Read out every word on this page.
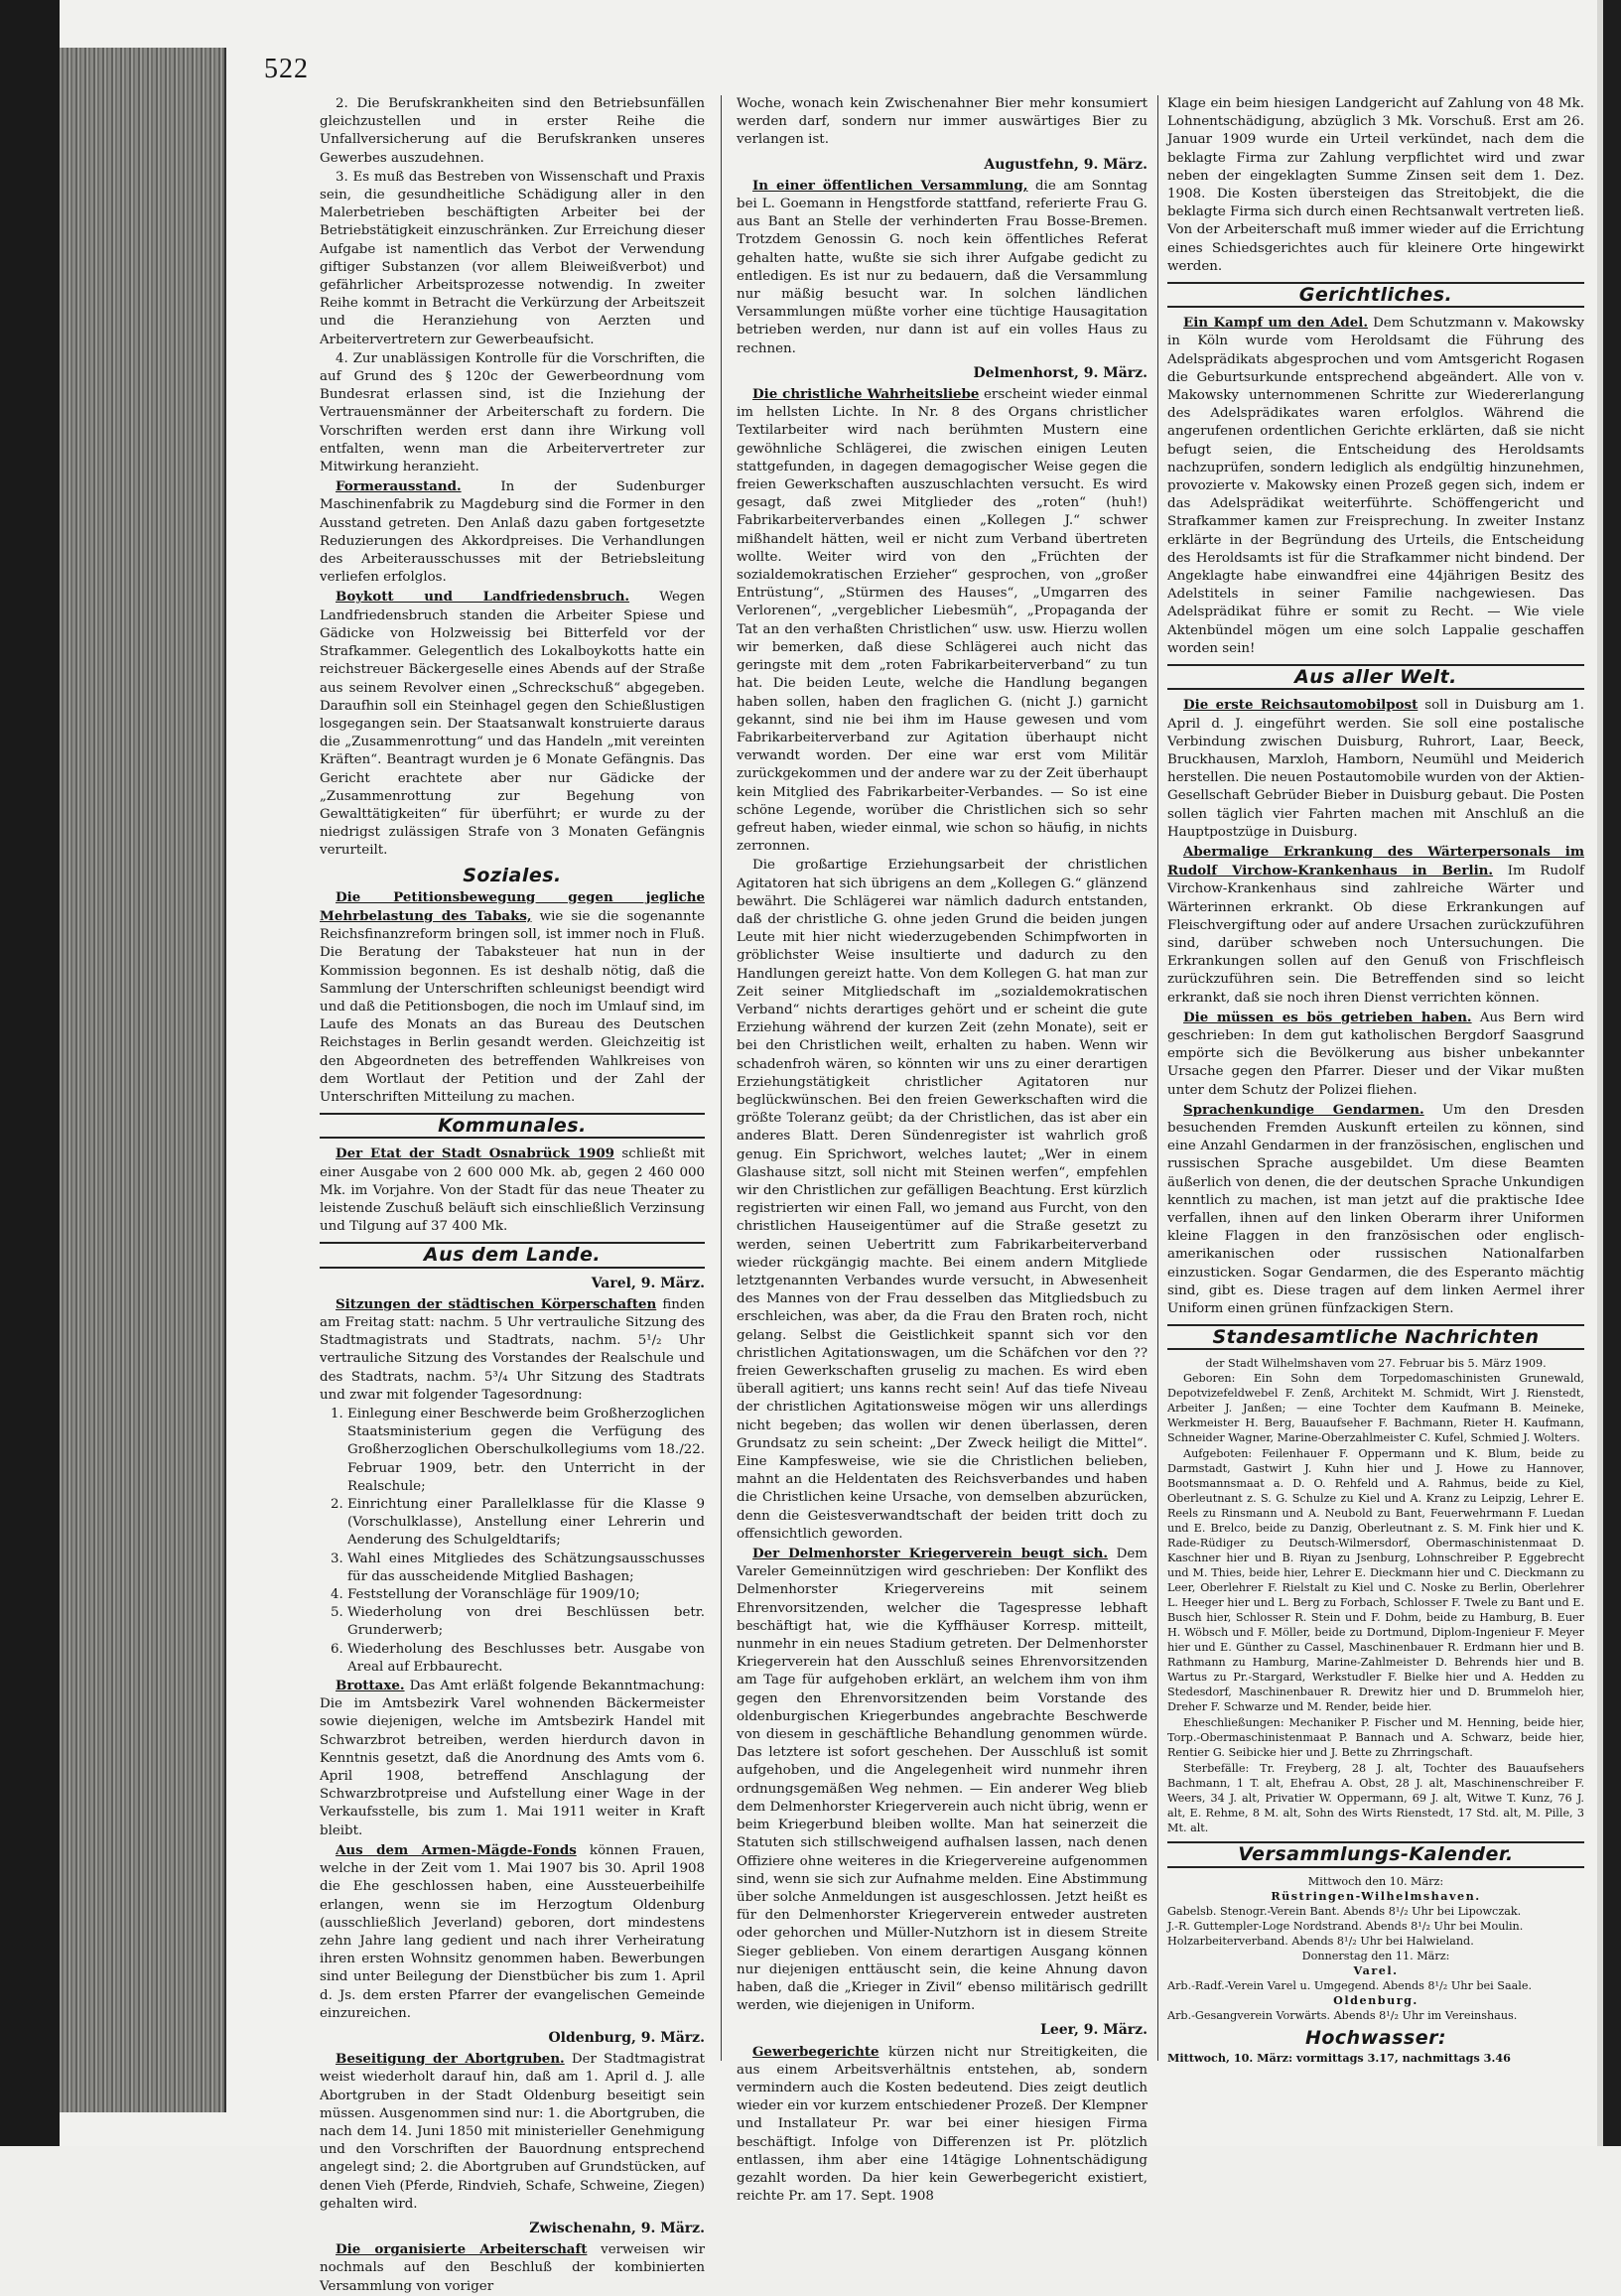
522

2. Die Berufskrankheiten sind den Betriebsunfällen gleichzustellen und in erster Reihe die Unfallversicherung auf die Berufskranken unseres Gewerbes auszudehnen.

3. Es muß das Bestreben von Wissenschaft und Praxis sein, die gesundheitliche Schädigung aller in den Malerbetrieben beschäftigten Arbeiter bei der Betriebstätigkeit einzuschränken. Zur Erreichung dieser Aufgabe ist namentlich das Verbot der Verwendung giftiger Substanzen (vor allem Bleiweißverbot) und gefährlicher Arbeitsprozesse notwendig. In zweiter Reihe kommt in Betracht die Verkürzung der Arbeitszeit und die Heranziehung von Aerzten und Arbeitervertretern zur Gewerbeaufsicht.

4. Zur unablässigen Kontrolle für die Vorschriften, die auf Grund des § 120c der Gewerbeordnung vom Bundesrat erlassen sind, ist die Inziehung der Vertrauensmänner der Arbeiterschaft zu fordern. Die Vorschriften werden erst dann ihre Wirkung voll entfalten, wenn man die Arbeitervertreter zur Mitwirkung heranzieht.

Formerausstand. In der Sudenburger Maschinenfabrik zu Magdeburg sind die Former in den Ausstand getreten. Den Anlaß dazu gaben fortgesetzte Reduzierungen des Akkordpreises. Die Verhandlungen des Arbeiterausschusses mit der Betriebsleitung verliefen erfolglos.

Boykott und Landfriedensbruch. Wegen Landfriedensbruch standen die Arbeiter Spiese und Gädicke von Holzweissig bei Bitterfeld vor der Strafkammer. Gelegentlich des Lokalboykotts hatte ein reichstreuer Bäckergeselle eines Abends auf der Straße aus seinem Revolver einen „Schreckschuß“ abgegeben. Daraufhin soll ein Steinhagel gegen den Schießlustigen losgegangen sein. Der Staatsanwalt konstruierte daraus die „Zusammenrottung“ und das Handeln „mit vereinten Kräften“. Beantragt wurden je 6 Monate Gefängnis. Das Gericht erachtete aber nur Gädicke der „Zusammenrottung zur Begehung von Gewalttätigkeiten“ für überführt; er wurde zu der niedrigst zulässigen Strafe von 3 Monaten Gefängnis verurteilt.

Soziales.

Die Petitionsbewegung gegen jegliche Mehrbelastung des Tabaks, wie sie die sogenannte Reichsfinanzreform bringen soll, ist immer noch in Fluß. Die Beratung der Tabaksteuer hat nun in der Kommission begonnen. Es ist deshalb nötig, daß die Sammlung der Unterschriften schleunigst beendigt wird und daß die Petitionsbogen, die noch im Umlauf sind, im Laufe des Monats an das Bureau des Deutschen Reichstages in Berlin gesandt werden. Gleichzeitig ist den Abgeordneten des betreffenden Wahlkreises von dem Wortlaut der Petition und der Zahl der Unterschriften Mitteilung zu machen.

Kommunales.

Der Etat der Stadt Osnabrück 1909 schließt mit einer Ausgabe von 2 600 000 Mk. ab, gegen 2 460 000 Mk. im Vorjahre. Von der Stadt für das neue Theater zu leistende Zuschuß beläuft sich einschließlich Verzinsung und Tilgung auf 37 400 Mk.

Aus dem Lande.
Varel, 9. März.

Sitzungen der städtischen Körperschaften finden am Freitag statt: nachm. 5 Uhr vertrauliche Sitzung des Stadtmagistrats und Stadtrats, nachm. 5¹/₂ Uhr vertrauliche Sitzung des Vorstandes der Realschule und des Stadtrats, nachm. 5³/₄ Uhr Sitzung des Stadtrats und zwar mit folgender Tagesordnung:

1. Einlegung einer Beschwerde beim Großherzoglichen Staatsministerium gegen die Verfügung des Großherzoglichen Oberschulkollegiums vom 18./22. Februar 1909, betr. den Unterricht in der Realschule;
2. Einrichtung einer Parallelklasse für die Klasse 9 (Vorschulklasse), Anstellung einer Lehrerin und Aenderung des Schulgeldtarifs;
3. Wahl eines Mitgliedes des Schätzungsausschusses für das ausscheidende Mitglied Bashagen;
4. Feststellung der Voranschläge für 1909/10;
5. Wiederholung von drei Beschlüssen betr. Grunderwerb;
6. Wiederholung des Beschlusses betr. Ausgabe von Areal auf Erbbaurecht.

Brottaxe. Das Amt erläßt folgende Bekanntmachung: Die im Amtsbezirk Varel wohnenden Bäckermeister sowie diejenigen, welche im Amtsbezirk Handel mit Schwarzbrot betreiben, werden hierdurch davon in Kenntnis gesetzt, daß die Anordnung des Amts vom 6. April 1908, betreffend Anschlagung der Schwarzbrotpreise und Aufstellung einer Wage in der Verkaufsstelle, bis zum 1. Mai 1911 weiter in Kraft bleibt.

Aus dem Armen-Mägde-Fonds können Frauen, welche in der Zeit vom 1. Mai 1907 bis 30. April 1908 die Ehe geschlossen haben, eine Aussteuerbeihilfe erlangen, wenn sie im Herzogtum Oldenburg (ausschließlich Jeverland) geboren, dort mindestens zehn Jahre lang gedient und nach ihrer Verheiratung ihren ersten Wohnsitz genommen haben. Bewerbungen sind unter Beilegung der Dienstbücher bis zum 1. April d. Js. dem ersten Pfarrer der evangelischen Gemeinde einzureichen.

Oldenburg, 9. März.

Beseitigung der Abortgruben. Der Stadtmagistrat weist wiederholt darauf hin, daß am 1. April d. J. alle Abortgruben in der Stadt Oldenburg beseitigt sein müssen. Ausgenommen sind nur: 1. die Abortgruben, die nach dem 14. Juni 1850 mit ministerieller Genehmigung und den Vorschriften der Bauordnung entsprechend angelegt sind; 2. die Abortgruben auf Grundstücken, auf denen Vieh (Pferde, Rindvieh, Schafe, Schweine, Ziegen) gehalten wird.

Zwischenahn, 9. März.

Die organisierte Arbeiterschaft verweisen wir nochmals auf den Beschluß der kombinierten Versammlung von voriger

Woche, wonach kein Zwischenahner Bier mehr konsumiert werden darf, sondern nur immer auswärtiges Bier zu verlangen ist.

Augustfehn, 9. März.

In einer öffentlichen Versammlung, die am Sonntag bei L. Goemann in Hengstforde stattfand, referierte Frau G. aus Bant an Stelle der verhinderten Frau Bosse-Bremen. Trotzdem Genossin G. noch kein öffentliches Referat gehalten hatte, wußte sie sich ihrer Aufgabe gedicht zu entledigen. Es ist nur zu bedauern, daß die Versammlung nur mäßig besucht war. In solchen ländlichen Versammlungen müßte vorher eine tüchtige Hausagitation betrieben werden, nur dann ist auf ein volles Haus zu rechnen.

Delmenhorst, 9. März.

Die christliche Wahrheitsliebe erscheint wieder einmal im hellsten Lichte. In Nr. 8 des Organs christlicher Textilarbeiter wird nach berühmten Mustern eine gewöhnliche Schlägerei, die zwischen einigen Leuten stattgefunden, in dagegen demagogischer Weise gegen die freien Gewerkschaften auszuschlachten versucht. Es wird gesagt, daß zwei Mitglieder des „roten“ (huh!) Fabrikarbeiterverbandes einen „Kollegen J.“ schwer mißhandelt hätten, weil er nicht zum Verband übertreten wollte. Weiter wird von den „Früchten der sozialdemokratischen Erzieher“ gesprochen, von „großer Entrüstung“, „Stürmen des Hauses“, „Umgarren des Verlorenen“, „vergeblicher Liebesmüh“, „Propaganda der Tat an den verhaßten Christlichen“ usw. usw. Hierzu wollen wir bemerken, daß diese Schlägerei auch nicht das geringste mit dem „roten Fabrikarbeiterverband“ zu tun hat. Die beiden Leute, welche die Handlung begangen haben sollen, haben den fraglichen G. (nicht J.) garnicht gekannt, sind nie bei ihm im Hause gewesen und vom Fabrikarbeiterverband zur Agitation überhaupt nicht verwandt worden. Der eine war erst vom Militär zurückgekommen und der andere war zu der Zeit überhaupt kein Mitglied des Fabrikarbeiter-Verbandes. — So ist eine schöne Legende, worüber die Christlichen sich so sehr gefreut haben, wieder einmal, wie schon so häufig, in nichts zerronnen.

Die großartige Erziehungsarbeit der christlichen Agitatoren hat sich übrigens an dem „Kollegen G.“ glänzend bewährt. Die Schlägerei war nämlich dadurch entstanden, daß der christliche G. ohne jeden Grund die beiden jungen Leute mit hier nicht wiederzugebenden Schimpfworten in gröblichster Weise insultierte und dadurch zu den Handlungen gereizt hatte. Von dem Kollegen G. hat man zur Zeit seiner Mitgliedschaft im „sozialdemokratischen Verband“ nichts derartiges gehört und er scheint die gute Erziehung während der kurzen Zeit (zehn Monate), seit er bei den Christlichen weilt, erhalten zu haben. Wenn wir schadenfroh wären, so könnten wir uns zu einer derartigen Erziehungstätigkeit christlicher Agitatoren nur beglückwünschen. Bei den freien Gewerkschaften wird die größte Toleranz geübt; da der Christlichen, das ist aber ein anderes Blatt. Deren Sündenregister ist wahrlich groß genug. Ein Sprichwort, welches lautet; „Wer in einem Glashause sitzt, soll nicht mit Steinen werfen“, empfehlen wir den Christlichen zur gefälligen Beachtung. Erst kürzlich registrierten wir einen Fall, wo jemand aus Furcht, von den christlichen Hauseigentümer auf die Straße gesetzt zu werden, seinen Uebertritt zum Fabrikarbeiterverband wieder rückgängig machte. Bei einem andern Mitgliede letztgenannten Verbandes wurde versucht, in Abwesenheit des Mannes von der Frau desselben das Mitgliedsbuch zu erschleichen, was aber, da die Frau den Braten roch, nicht gelang. Selbst die Geistlichkeit spannt sich vor den christlichen Agitationswagen, um die Schäfchen vor den ??freien Gewerkschaften gruselig zu machen. Es wird eben überall agitiert; uns kanns recht sein! Auf das tiefe Niveau der christlichen Agitationsweise mögen wir uns allerdings nicht begeben; das wollen wir denen überlassen, deren Grundsatz zu sein scheint: „Der Zweck heiligt die Mittel“. Eine Kampfesweise, wie sie die Christlichen belieben, mahnt an die Heldentaten des Reichsverbandes und haben die Christlichen keine Ursache, von demselben abzurücken, denn die Geistesverwandtschaft der beiden tritt doch zu offensichtlich geworden.

Der Delmenhorster Kriegerverein beugt sich. Dem Vareler Gemeinnützigen wird geschrieben: Der Konflikt des Delmenhorster Kriegervereins mit seinem Ehrenvorsitzenden, welcher die Tagespresse lebhaft beschäftigt hat, wie die Kyffhäuser Korresp. mitteilt, nunmehr in ein neues Stadium getreten. Der Delmenhorster Kriegerverein hat den Ausschluß seines Ehrenvorsitzenden am Tage für aufgehoben erklärt, an welchem ihm von ihm gegen den Ehrenvorsitzenden beim Vorstande des oldenburgischen Kriegerbundes angebrachte Beschwerde von diesem in geschäftliche Behandlung genommen würde. Das letztere ist sofort geschehen. Der Ausschluß ist somit aufgehoben, und die Angelegenheit wird nunmehr ihren ordnungsgemäßen Weg nehmen. — Ein anderer Weg blieb dem Delmenhorster Kriegerverein auch nicht übrig, wenn er beim Kriegerbund bleiben wollte. Man hat seinerzeit die Statuten sich stillschweigend aufhalsen lassen, nach denen Offiziere ohne weiteres in die Kriegervereine aufgenommen sind, wenn sie sich zur Aufnahme melden. Eine Abstimmung über solche Anmeldungen ist ausgeschlossen. Jetzt heißt es für den Delmenhorster Kriegerverein entweder austreten oder gehorchen und Müller-Nutzhorn ist in diesem Streite Sieger geblieben. Von einem derartigen Ausgang können nur diejenigen enttäuscht sein, die keine Ahnung davon haben, daß die „Krieger in Zivil“ ebenso militärisch gedrillt werden, wie diejenigen in Uniform.

Leer, 9. März.

Gewerbegerichte kürzen nicht nur Streitigkeiten, die aus einem Arbeitsverhältnis entstehen, ab, sondern vermindern auch die Kosten bedeutend. Dies zeigt deutlich wieder ein vor kurzem entschiedener Prozeß. Der Klempner und Installateur Pr. war bei einer hiesigen Firma beschäftigt. Infolge von Differenzen ist Pr. plötzlich entlassen, ihm aber eine 14tägige Lohnentschädigung gezahlt worden. Da hier kein Gewerbegericht existiert, reichte Pr. am 17. Sept. 1908

Klage ein beim hiesigen Landgericht auf Zahlung von 48 Mk. Lohnentschädigung, abzüglich 3 Mk. Vorschuß. Erst am 26. Januar 1909 wurde ein Urteil verkündet, nach dem die beklagte Firma zur Zahlung verpflichtet wird und zwar neben der eingeklagten Summe Zinsen seit dem 1. Dez. 1908. Die Kosten übersteigen das Streitobjekt, die die beklagte Firma sich durch einen Rechtsanwalt vertreten ließ. Von der Arbeiterschaft muß immer wieder auf die Errichtung eines Schiedsgerichtes auch für kleinere Orte hingewirkt werden.

Gerichtliches.

Ein Kampf um den Adel. Dem Schutzmann v. Makowsky in Köln wurde vom Heroldsamt die Führung des Adelsprädikats abgesprochen und vom Amtsgericht Rogasen die Geburtsurkunde entsprechend abgeändert. Alle von v. Makowsky unternommenen Schritte zur Wiedererlangung des Adelsprädikates waren erfolglos. Während die angerufenen ordentlichen Gerichte erklärten, daß sie nicht befugt seien, die Entscheidung des Heroldsamts nachzuprüfen, sondern lediglich als endgültig hinzunehmen, provozierte v. Makowsky einen Prozeß gegen sich, indem er das Adelsprädikat weiterführte. Schöffengericht und Strafkammer kamen zur Freisprechung. In zweiter Instanz erklärte in der Begründung des Urteils, die Entscheidung des Heroldsamts ist für die Strafkammer nicht bindend. Der Angeklagte habe einwandfrei eine 44jährigen Besitz des Adelstitels in seiner Familie nachgewiesen. Das Adelsprädikat führe er somit zu Recht. — Wie viele Aktenbündel mögen um eine solch Lappalie geschaffen worden sein!

Aus aller Welt.

Die erste Reichsautomobilpost soll in Duisburg am 1. April d. J. eingeführt werden. Sie soll eine postalische Verbindung zwischen Duisburg, Ruhrort, Laar, Beeck, Bruckhausen, Marxloh, Hamborn, Neumühl und Meiderich herstellen. Die neuen Postautomobile wurden von der Aktien-Gesellschaft Gebrüder Bieber in Duisburg gebaut. Die Posten sollen täglich vier Fahrten machen mit Anschluß an die Hauptpostzüge in Duisburg.

Abermalige Erkrankung des Wärterpersonals im Rudolf Virchow-Krankenhaus in Berlin. Im Rudolf Virchow-Krankenhaus sind zahlreiche Wärter und Wärterinnen erkrankt. Ob diese Erkrankungen auf Fleischvergiftung oder auf andere Ursachen zurückzuführen sind, darüber schweben noch Untersuchungen. Die Erkrankungen sollen auf den Genuß von Frischfleisch zurückzuführen sein. Die Betreffenden sind so leicht erkrankt, daß sie noch ihren Dienst verrichten können.

Die müssen es bös getrieben haben. Aus Bern wird geschrieben: In dem gut katholischen Bergdorf Saasgrund empörte sich die Bevölkerung aus bisher unbekannter Ursache gegen den Pfarrer. Dieser und der Vikar mußten unter dem Schutz der Polizei fliehen.

Sprachenkundige Gendarmen. Um den Dresden besuchenden Fremden Auskunft erteilen zu können, sind eine Anzahl Gendarmen in der französischen, englischen und russischen Sprache ausgebildet. Um diese Beamten äußerlich von denen, die der deutschen Sprache Unkundigen kenntlich zu machen, ist man jetzt auf die praktische Idee verfallen, ihnen auf den linken Oberarm ihrer Uniformen kleine Flaggen in den französischen oder englisch-amerikanischen oder russischen Nationalfarben einzusticken. Sogar Gendarmen, die des Esperanto mächtig sind, gibt es. Diese tragen auf dem linken Aermel ihrer Uniform einen grünen fünfzackigen Stern.

Standesamtliche Nachrichten
der Stadt Wilhelmshaven vom 27. Februar bis 5. März 1909.

Geboren: Ein Sohn dem Torpedomaschinisten Grunewald, Depotvizefeldwebel F. Zenß, Architekt M. Schmidt, Wirt J. Rienstedt, Arbeiter J. Janßen; — eine Tochter dem Kaufmann B. Meineke, Werkmeister H. Berg, Bauaufseher F. Bachmann, Rieter H. Kaufmann, Schneider Wagner, Marine-Oberzahlmeister C. Kufel, Schmied J. Wolters.

Aufgeboten: Feilenhauer F. Oppermann und K. Blum, beide zu Darmstadt, Gastwirt J. Kuhn hier und J. Howe zu Hannover, Bootsmannsmaat a. D. O. Rehfeld und A. Rahmus, beide zu Kiel, Oberleutnant z. S. G. Schulze zu Kiel und A. Kranz zu Leipzig, Lehrer E. Reels zu Rinsmann und A. Neubold zu Bant, Feuerwehrmann F. Luedan und E. Brelco, beide zu Danzig, Oberleutnant z. S. M. Fink hier und K. Rade-Rüdiger zu Deutsch-Wilmersdorf, Obermaschinistenmaat D. Kaschner hier und B. Riyan zu Jsenburg, Lohnschreiber P. Eggebrecht und M. Thies, beide hier, Lehrer E. Dieckmann hier und C. Dieckmann zu Leer, Oberlehrer F. Rielstalt zu Kiel und C. Noske zu Berlin, Oberlehrer L. Heeger hier und L. Berg zu Forbach, Schlosser F. Twele zu Bant und E. Busch hier, Schlosser R. Stein und F. Dohm, beide zu Hamburg, B. Euer H. Wöbsch und F. Möller, beide zu Dortmund, Diplom-Ingenieur F. Meyer hier und E. Günther zu Cassel, Maschinenbauer R. Erdmann hier und B. Rathmann zu Hamburg, Marine-Zahlmeister D. Behrends hier und B. Wartus zu Pr.-Stargard, Werkstudler F. Bielke hier und A. Hedden zu Stedesdorf, Maschinenbauer R. Drewitz hier und D. Brummeloh hier, Dreher F. Schwarze und M. Render, beide hier.

Eheschließungen: Mechaniker P. Fischer und M. Henning, beide hier, Torp.-Obermaschinistenmaat P. Bannach und A. Schwarz, beide hier, Rentier G. Seibicke hier und J. Bette zu Zhrringschaft.

Sterbefälle: Tr. Freyberg, 28 J. alt, Tochter des Bauaufsehers Bachmann, 1 T. alt, Ehefrau A. Obst, 28 J. alt, Maschinenschreiber F. Weers, 34 J. alt, Privatier W. Oppermann, 69 J. alt, Witwe T. Kunz, 76 J. alt, E. Rehme, 8 M. alt, Sohn des Wirts Rienstedt, 17 Std. alt, M. Pille, 3 Mt. alt.

Versammlungs-Kalender.
Mittwoch den 10. März:
Rüstringen-Wilhelmshaven.
Gabelsb. Stenogr.-Verein Bant. Abends 8¹/₂ Uhr bei Lipowczak.
J.-R. Guttempler-Loge Nordstrand. Abends 8¹/₂ Uhr bei Moulin.
Holzarbeiterverband. Abends 8¹/₂ Uhr bei Halwieland.
Donnerstag den 11. März:
Varel.
Arb.-Radf.-Verein Varel u. Umgegend. Abends 8¹/₂ Uhr bei Saale.
Oldenburg.
Arb.-Gesangverein Vorwärts. Abends 8¹/₂ Uhr im Vereinshaus.
Hochwasser:
Mittwoch, 10. März: vormittags 3.17, nachmittags 3.46
